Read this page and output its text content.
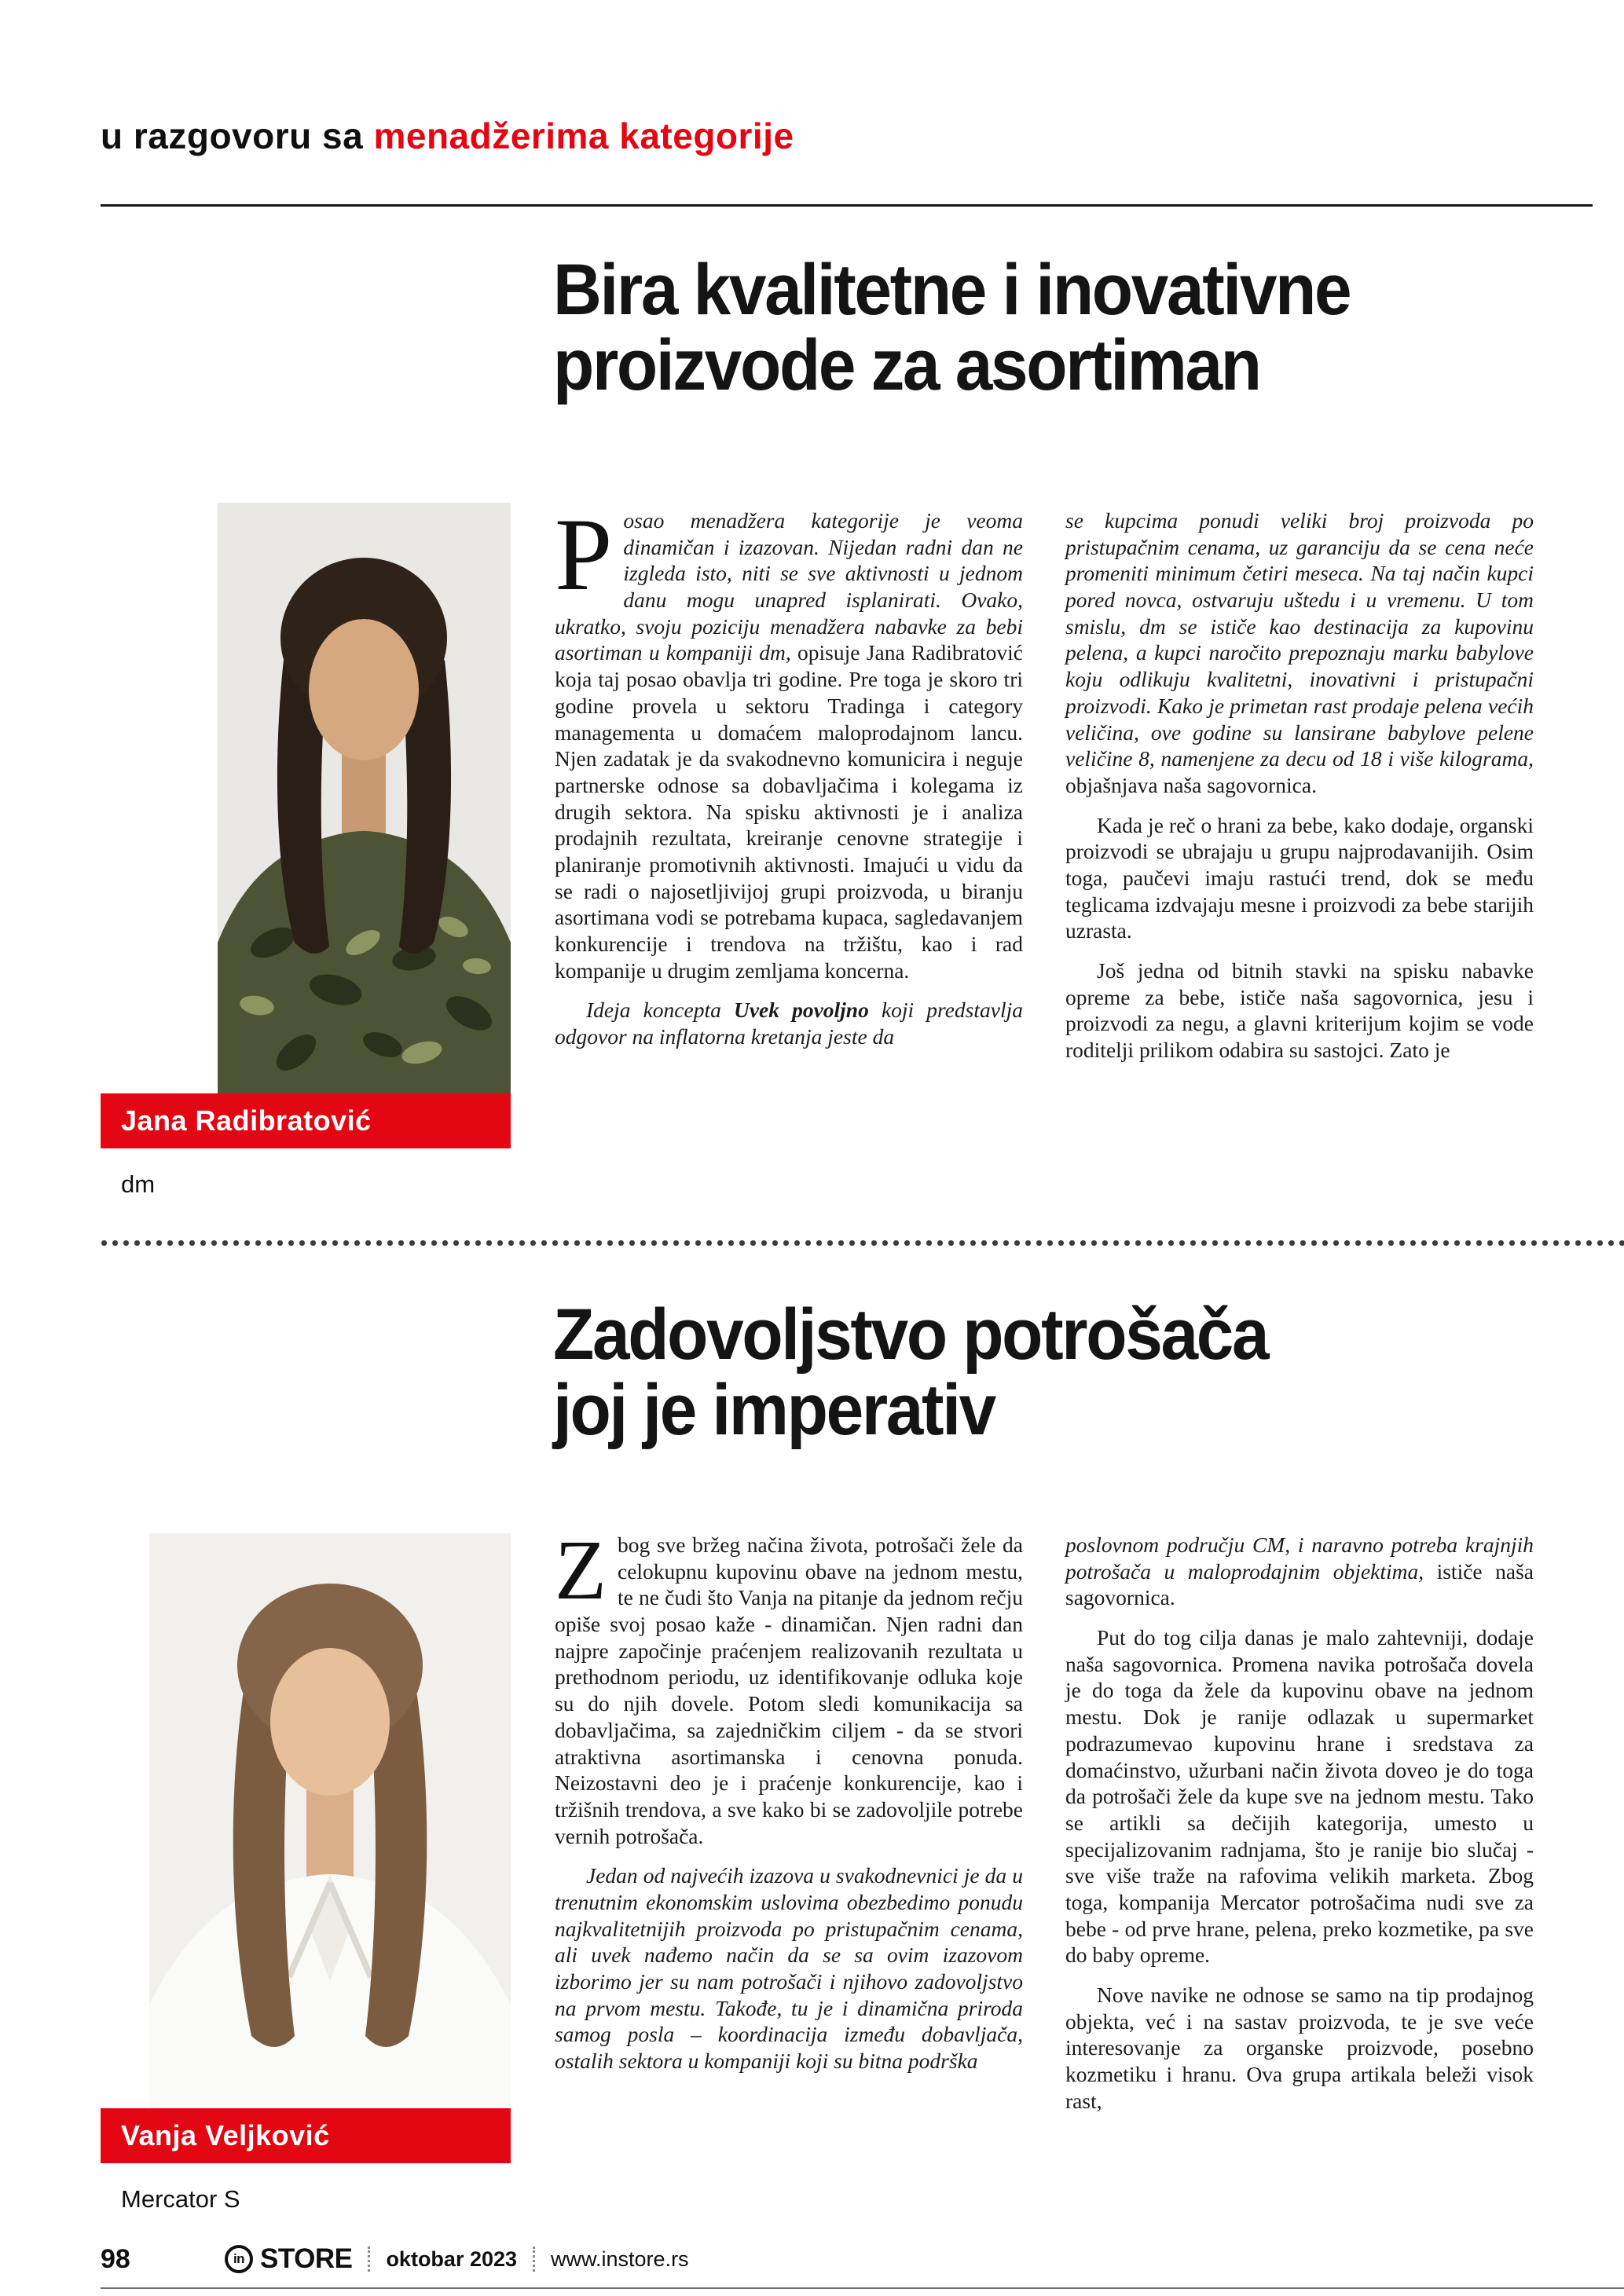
u razgovoru sa menadžerima kategorije
Bira kvalitetne i inovativne
proizvode za asortiman
Jana Radibratović
dm

Posao menadžera kategorije je veoma dinamičan i izazovan. Nijedan radni dan ne izgleda isto, niti se sve aktivnosti u jednom danu mogu unapred isplanirati. Ovako, ukratko, svoju poziciju menadžera nabavke za bebi asortiman u kompaniji dm, opisuje Jana Radibratović koja taj posao obavlja tri godine. Pre toga je skoro tri godine provela u sektoru Tradinga i category managementa u domaćem maloprodajnom lancu. Njen zadatak je da svakodnevno komunicira i neguje partnerske odnose sa dobavljačima i kolegama iz drugih sektora. Na spisku aktivnosti je i analiza prodajnih rezultata, kreiranje cenovne strategije i planiranje promotivnih aktivnosti. Imajući u vidu da se radi o najosetljivijoj grupi proizvoda, u biranju asortimana vodi se potrebama kupaca, sagledavanjem konkurencije i trendova na tržištu, kao i rad kompanije u drugim zemljama koncerna.

Ideja koncepta Uvek povoljno koji predstavlja odgovor na inflatorna kretanja jeste da

se kupcima ponudi veliki broj proizvoda po pristupačnim cenama, uz garanciju da se cena neće promeniti minimum četiri meseca. Na taj način kupci pored novca, ostvaruju uštedu i u vremenu. U tom smislu, dm se ističe kao destinacija za kupovinu pelena, a kupci naročito prepoznaju marku babylove koju odlikuju kvalitetni, inovativni i pristupačni proizvodi. Kako je primetan rast prodaje pelena većih veličina, ove godine su lansirane babylove pelene veličine 8, namenjene za decu od 18 i više kilograma, objašnjava naša sagovornica.

Kada je reč o hrani za bebe, kako dodaje, organski proizvodi se ubrajaju u grupu najprodavanijih. Osim toga, paučevi imaju rastući trend, dok se među teglicama izdvajaju mesne i proizvodi za bebe starijih uzrasta.

Još jedna od bitnih stavki na spisku nabavke opreme za bebe, ističe naša sagovornica, jesu i proizvodi za negu, a glavni kriterijum kojim se vode roditelji prilikom odabira su sastojci. Zato je

Zadovoljstvo potrošača
joj je imperativ
Vanja Veljković
Mercator S

Zbog sve bržeg načina života, potrošači žele da celokupnu kupovinu obave na jednom mestu, te ne čudi što Vanja na pitanje da jednom rečju opiše svoj posao kaže - dinamičan. Njen radni dan najpre započinje praćenjem realizovanih rezultata u prethodnom periodu, uz identifikovanje odluka koje su do njih dovele. Potom sledi komunikacija sa dobavljačima, sa zajedničkim ciljem - da se stvori atraktivna asortimanska i cenovna ponuda. Neizostavni deo je i praćenje konkurencije, kao i tržišnih trendova, a sve kako bi se zadovoljile potrebe vernih potrošača.

Jedan od najvećih izazova u svakodnevnici je da u trenutnim ekonomskim uslovima obezbedimo ponudu najkvalitetnijih proizvoda po pristupačnim cenama, ali uvek nađemo način da se sa ovim izazovom izborimo jer su nam potrošači i njihovo zadovoljstvo na prvom mestu. Takođe, tu je i dinamična priroda samog posla – koordinacija između dobavljača, ostalih sektora u kompaniji koji su bitna podrška

poslovnom području CM, i naravno potreba krajnjih potrošača u maloprodajnim objektima, ističe naša sagovornica.

Put do tog cilja danas je malo zahtevniji, dodaje naša sagovornica. Promena navika potrošača dovela je do toga da žele da kupovinu obave na jednom mestu. Dok je ranije odlazak u supermarket podrazumevao kupovinu hrane i sredstava za domaćinstvo, užurbani način života doveo je do toga da potrošači žele da kupe sve na jednom mestu. Tako se artikli sa dečijih kategorija, umesto u specijalizovanim radnjama, što je ranije bio slučaj - sve više traže na rafovima velikih marketa. Zbog toga, kompanija Mercator potrošačima nudi sve za bebe - od prve hrane, pelena, preko kozmetike, pa sve do baby opreme.

Nove navike ne odnose se samo na tip prodajnog objekta, već i na sastav proizvoda, te je sve veće interesovanje za organske proizvode, posebno kozmetiku i hranu. Ova grupa artikala beleži visok rast,

98	in STORE oktobar 2023 www.instore.rs
